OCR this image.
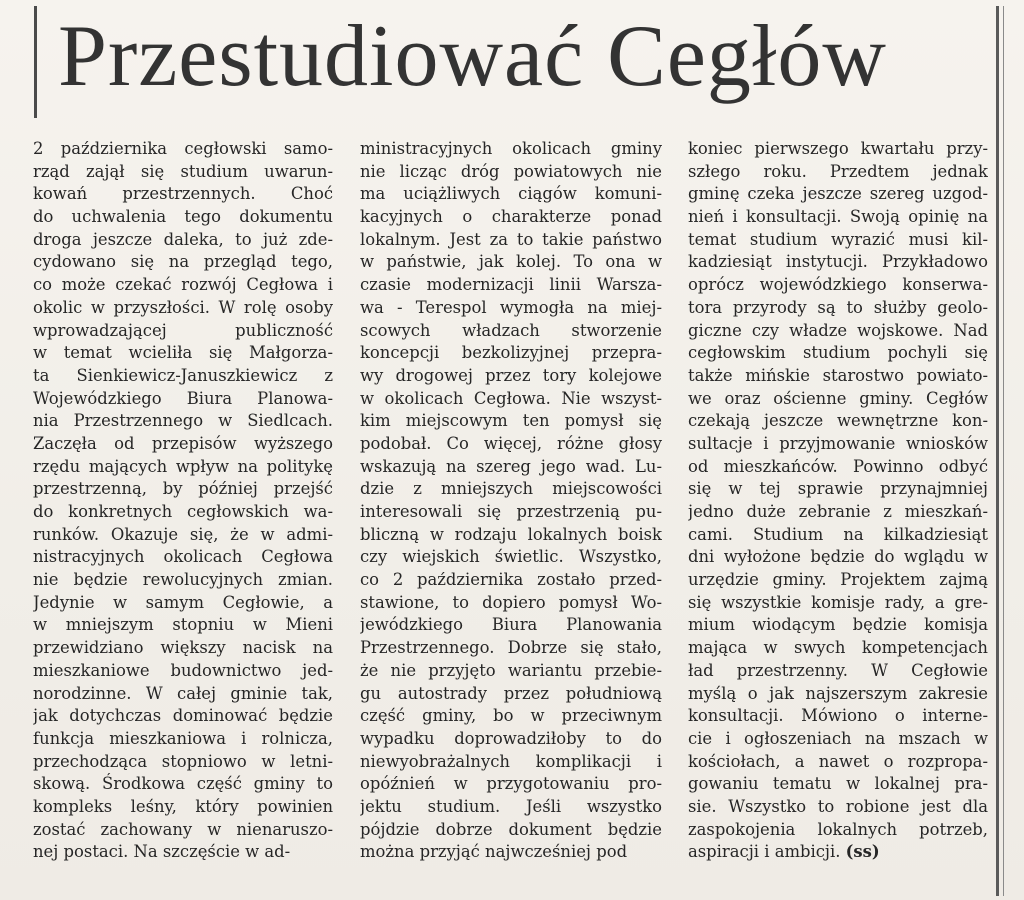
Przestudiować Cegłów
2 października cegłowski samo-
rząd zajął się studium uwarun-
kowań przestrzennych. Choć
do uchwalenia tego dokumentu
droga jeszcze daleka, to już zde-
cydowano się na przegląd tego,
co może czekać rozwój Cegłowa i
okolic w przyszłości. W rolę osoby
wprowadzającej publiczność
w temat wcieliła się Małgorza-
ta Sienkiewicz-Januszkiewicz z
Wojewódzkiego Biura Planowa-
nia Przestrzennego w Siedlcach.
Zaczęła od przepisów wyższego
rzędu mających wpływ na politykę
przestrzenną, by później przejść
do konkretnych cegłowskich wa-
runków. Okazuje się, że w admi-
nistracyjnych okolicach Cegłowa
nie będzie rewolucyjnych zmian.
Jedynie w samym Cegłowie, a
w mniejszym stopniu w Mieni
przewidziano większy nacisk na
mieszkaniowe budownictwo jed-
norodzinne. W całej gminie tak,
jak dotychczas dominować będzie
funkcja mieszkaniowa i rolnicza,
przechodząca stopniowo w letni-
skową. Środkowa część gminy to
kompleks leśny, który powinien
zostać zachowany w nienaruszo-
nej postaci. Na szczęście w ad-
ministracyjnych okolicach gminy
nie licząc dróg powiatowych nie
ma uciążliwych ciągów komuni-
kacyjnych o charakterze ponad
lokalnym. Jest za to takie państwo
w państwie, jak kolej. To ona w
czasie modernizacji linii Warsza-
wa - Terespol wymogła na miej-
scowych władzach stworzenie
koncepcji bezkolizyjnej przepra-
wy drogowej przez tory kolejowe
w okolicach Cegłowa. Nie wszyst-
kim miejscowym ten pomysł się
podobał. Co więcej, różne głosy
wskazują na szereg jego wad. Lu-
dzie z mniejszych miejscowości
interesowali się przestrzenią pu-
bliczną w rodzaju lokalnych boisk
czy wiejskich świetlic. Wszystko,
co 2 października zostało przed-
stawione, to dopiero pomysł Wo-
jewódzkiego Biura Planowania
Przestrzennego. Dobrze się stało,
że nie przyjęto wariantu przebie-
gu autostrady przez południową
część gminy, bo w przeciwnym
wypadku doprowadziłoby to do
niewyobrażalnych komplikacji i
opóźnień w przygotowaniu pro-
jektu studium. Jeśli wszystko
pójdzie dobrze dokument będzie
można przyjąć najwcześniej pod
koniec pierwszego kwartału przy-
szłego roku. Przedtem jednak
gminę czeka jeszcze szereg uzgod-
nień i konsultacji. Swoją opinię na
temat studium wyrazić musi kil-
kadziesiąt instytucji. Przykładowo
oprócz wojewódzkiego konserwa-
tora przyrody są to służby geolo-
giczne czy władze wojskowe. Nad
cegłowskim studium pochyli się
także mińskie starostwo powiato-
we oraz ościenne gminy. Cegłów
czekają jeszcze wewnętrzne kon-
sultacje i przyjmowanie wniosków
od mieszkańców. Powinno odbyć
się w tej sprawie przynajmniej
jedno duże zebranie z mieszkań-
cami. Studium na kilkadziesiąt
dni wyłożone będzie do wglądu w
urzędzie gminy. Projektem zajmą
się wszystkie komisje rady, a gre-
mium wiodącym będzie komisja
mająca w swych kompetencjach
ład przestrzenny. W Cegłowie
myślą o jak najszerszym zakresie
konsultacji. Mówiono o interne-
cie i ogłoszeniach na mszach w
kościołach, a nawet o rozpropa-
gowaniu tematu w lokalnej pra-
sie. Wszystko to robione jest dla
zaspokojenia lokalnych potrzeb,
aspiracji i ambicji. (ss)
